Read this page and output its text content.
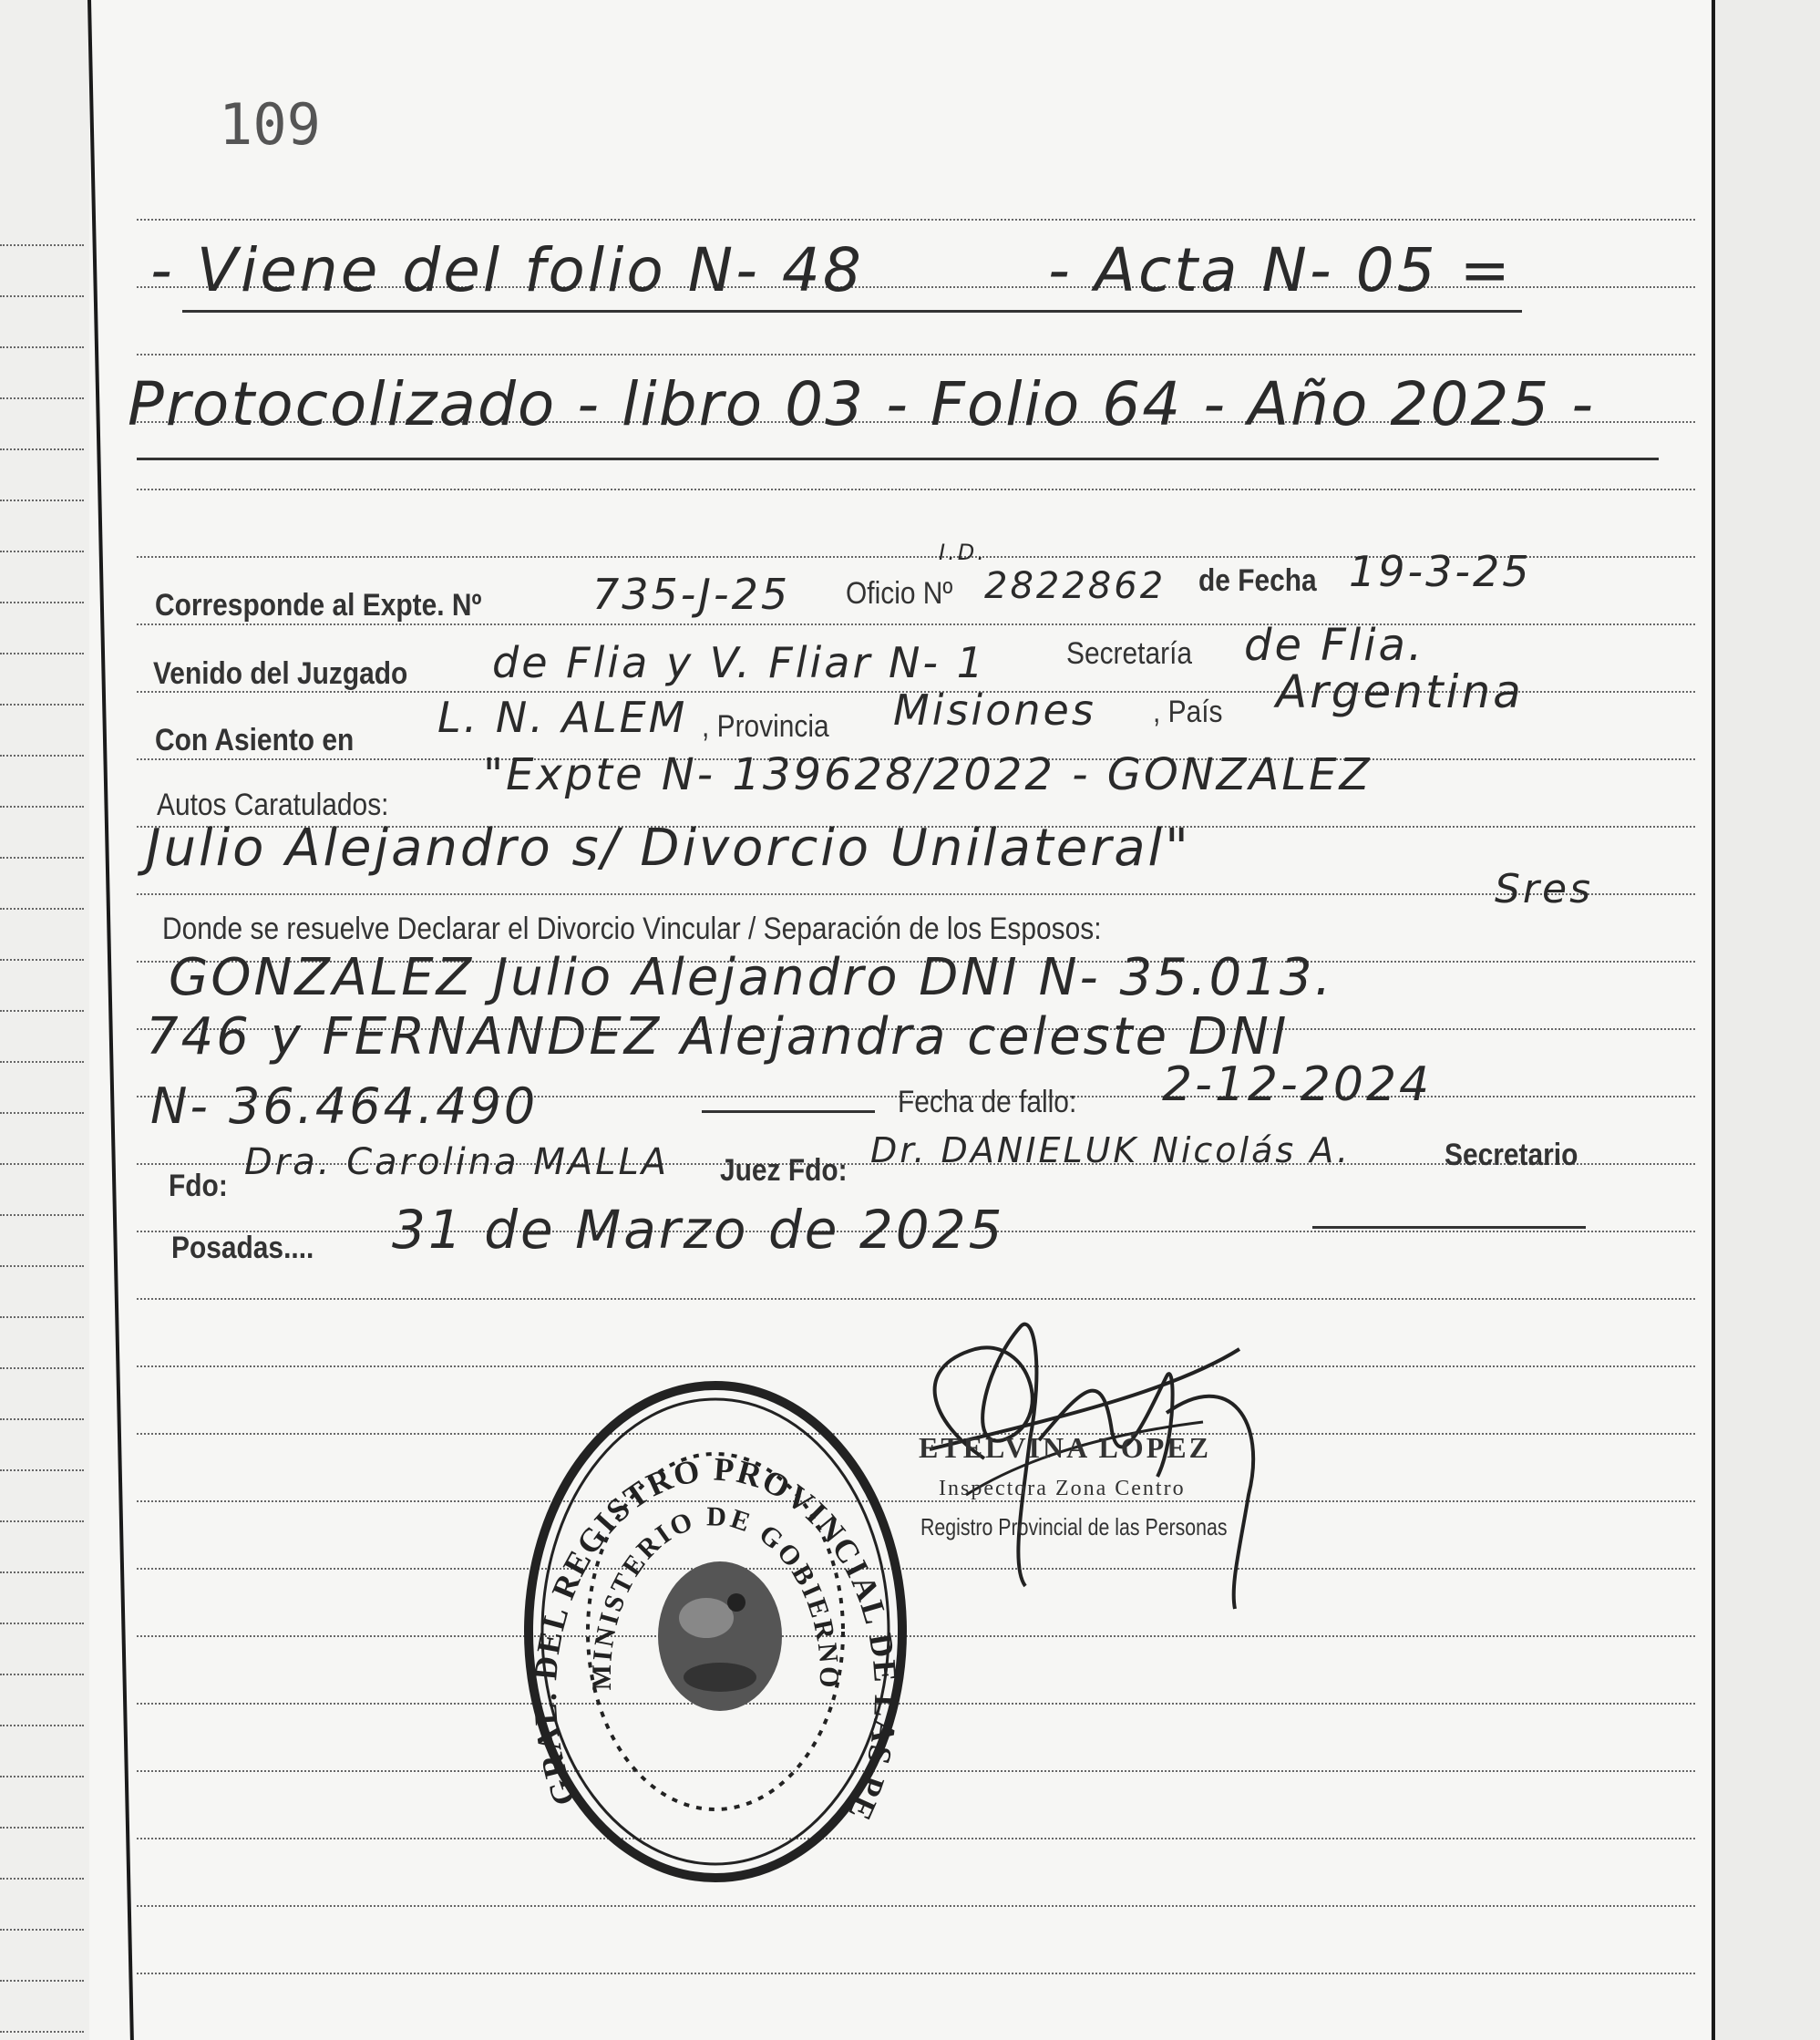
109
- Viene del folio N- 48	- Acta N- 05 =
Protocolizado - libro 03 - Folio 64 - Año 2025 -
Corresponde al Expte. Nº	735-J-25 Oficio Nº
I.D.
2822862 de Fecha 19-3-25
Venido del Juzgado de Flia y V. Fliar N- 1	Secretaría de Flia.
Con Asiento en L. N. ALEM , Provincia Misiones , País Argentina
Autos Caratulados:
"Expte N- 139628/2022 - GONZALEZ
Julio Alejandro s/ Divorcio Unilateral"
Donde se resuelve Declarar el Divorcio Vincular / Separación de los Esposos:
Sres
GONZALEZ Julio Alejandro DNI N- 35.013.
746 y FERNANDEZ Alejandra celeste DNI
N- 36.464.490	Fecha de fallo: 2-12-2024
Fdo:
Dra. Carolina MALLA Juez Fdo: Dr. DANIELUK Nicolás A.	Secretario
Posadas.... 31 de Marzo de 2025
GRAL. DEL REGISTRO PROVINCIAL DE LAS PE
MINISTERIO DE GOBIERNO
ETELVINA LÓPEZ
Inspectora Zona Centro
Registro Provincial de las Personas
